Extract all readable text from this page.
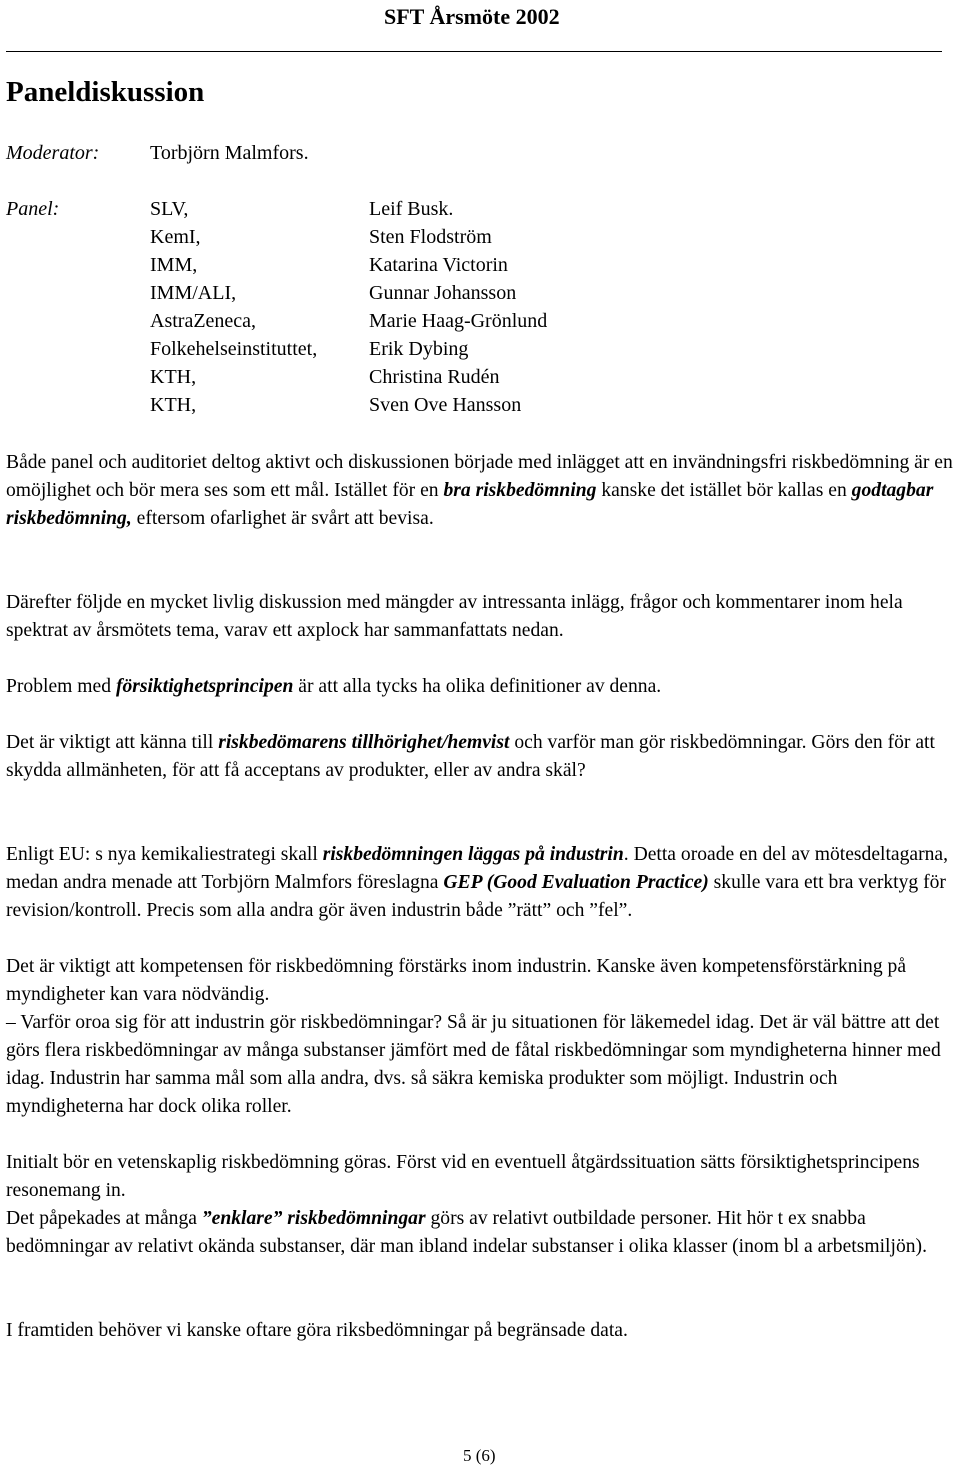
SFT Årsmöte 2002
Paneldiskussion
Moderator:	Torbjörn Malmfors.
Panel:	SLV,	Leif Busk.
KemI,	Sten Flodström
IMM,	Katarina Victorin
IMM/ALI,	Gunnar Johansson
AstraZeneca,	Marie Haag-Grönlund
Folkehelseinstituttet,	Erik Dybing
KTH,	Christina Rudén
KTH,	Sven Ove Hansson

Både panel och auditoriet deltog aktivt och diskussionen började med inlägget att en invändningsfri riskbedömning är en omöjlighet och bör mera ses som ett mål. Istället för en bra riskbedömning kanske det istället bör kallas en godtagbar riskbedömning, eftersom ofarlighet är svårt att bevisa.

Därefter följde en mycket livlig diskussion med mängder av intressanta inlägg, frågor och kommentarer inom hela spektrat av årsmötets tema, varav ett axplock har sammanfattats nedan.

Problem med försiktighetsprincipen är att alla tycks ha olika definitioner av denna.

Det är viktigt att känna till riskbedömarens tillhörighet/hemvist och varför man gör riskbedömningar. Görs den för att skydda allmänheten, för att få acceptans av produkter, eller av andra skäl?

Enligt EU: s nya kemikaliestrategi skall riskbedömningen läggas på industrin. Detta oroade en del av mötesdeltagarna, medan andra menade att Torbjörn Malmfors föreslagna GEP (Good Evaluation Practice) skulle vara ett bra verktyg för revision/kontroll. Precis som alla andra gör även industrin både ”rätt” och ”fel”.

Det är viktigt att kompetensen för riskbedömning förstärks inom industrin. Kanske även kompetensförstärkning på myndigheter kan vara nödvändig.

– Varför oroa sig för att industrin gör riskbedömningar? Så är ju situationen för läkemedel idag. Det är väl bättre att det görs flera riskbedömningar av många substanser jämfört med de fåtal riskbedömningar som myndigheterna hinner med idag. Industrin har samma mål som alla andra, dvs. så säkra kemiska produkter som möjligt. Industrin och myndigheterna har dock olika roller.

Initialt bör en vetenskaplig riskbedömning göras. Först vid en eventuell åtgärdssituation sätts försiktighetsprincipens resonemang in.

Det påpekades at många ”enklare” riskbedömningar görs av relativt outbildade personer. Hit hör t ex snabba bedömningar av relativt okända substanser, där man ibland indelar substanser i olika klasser (inom bl a arbetsmiljön).

I framtiden behöver vi kanske oftare göra riksbedömningar på begränsade data.

5 (6)
